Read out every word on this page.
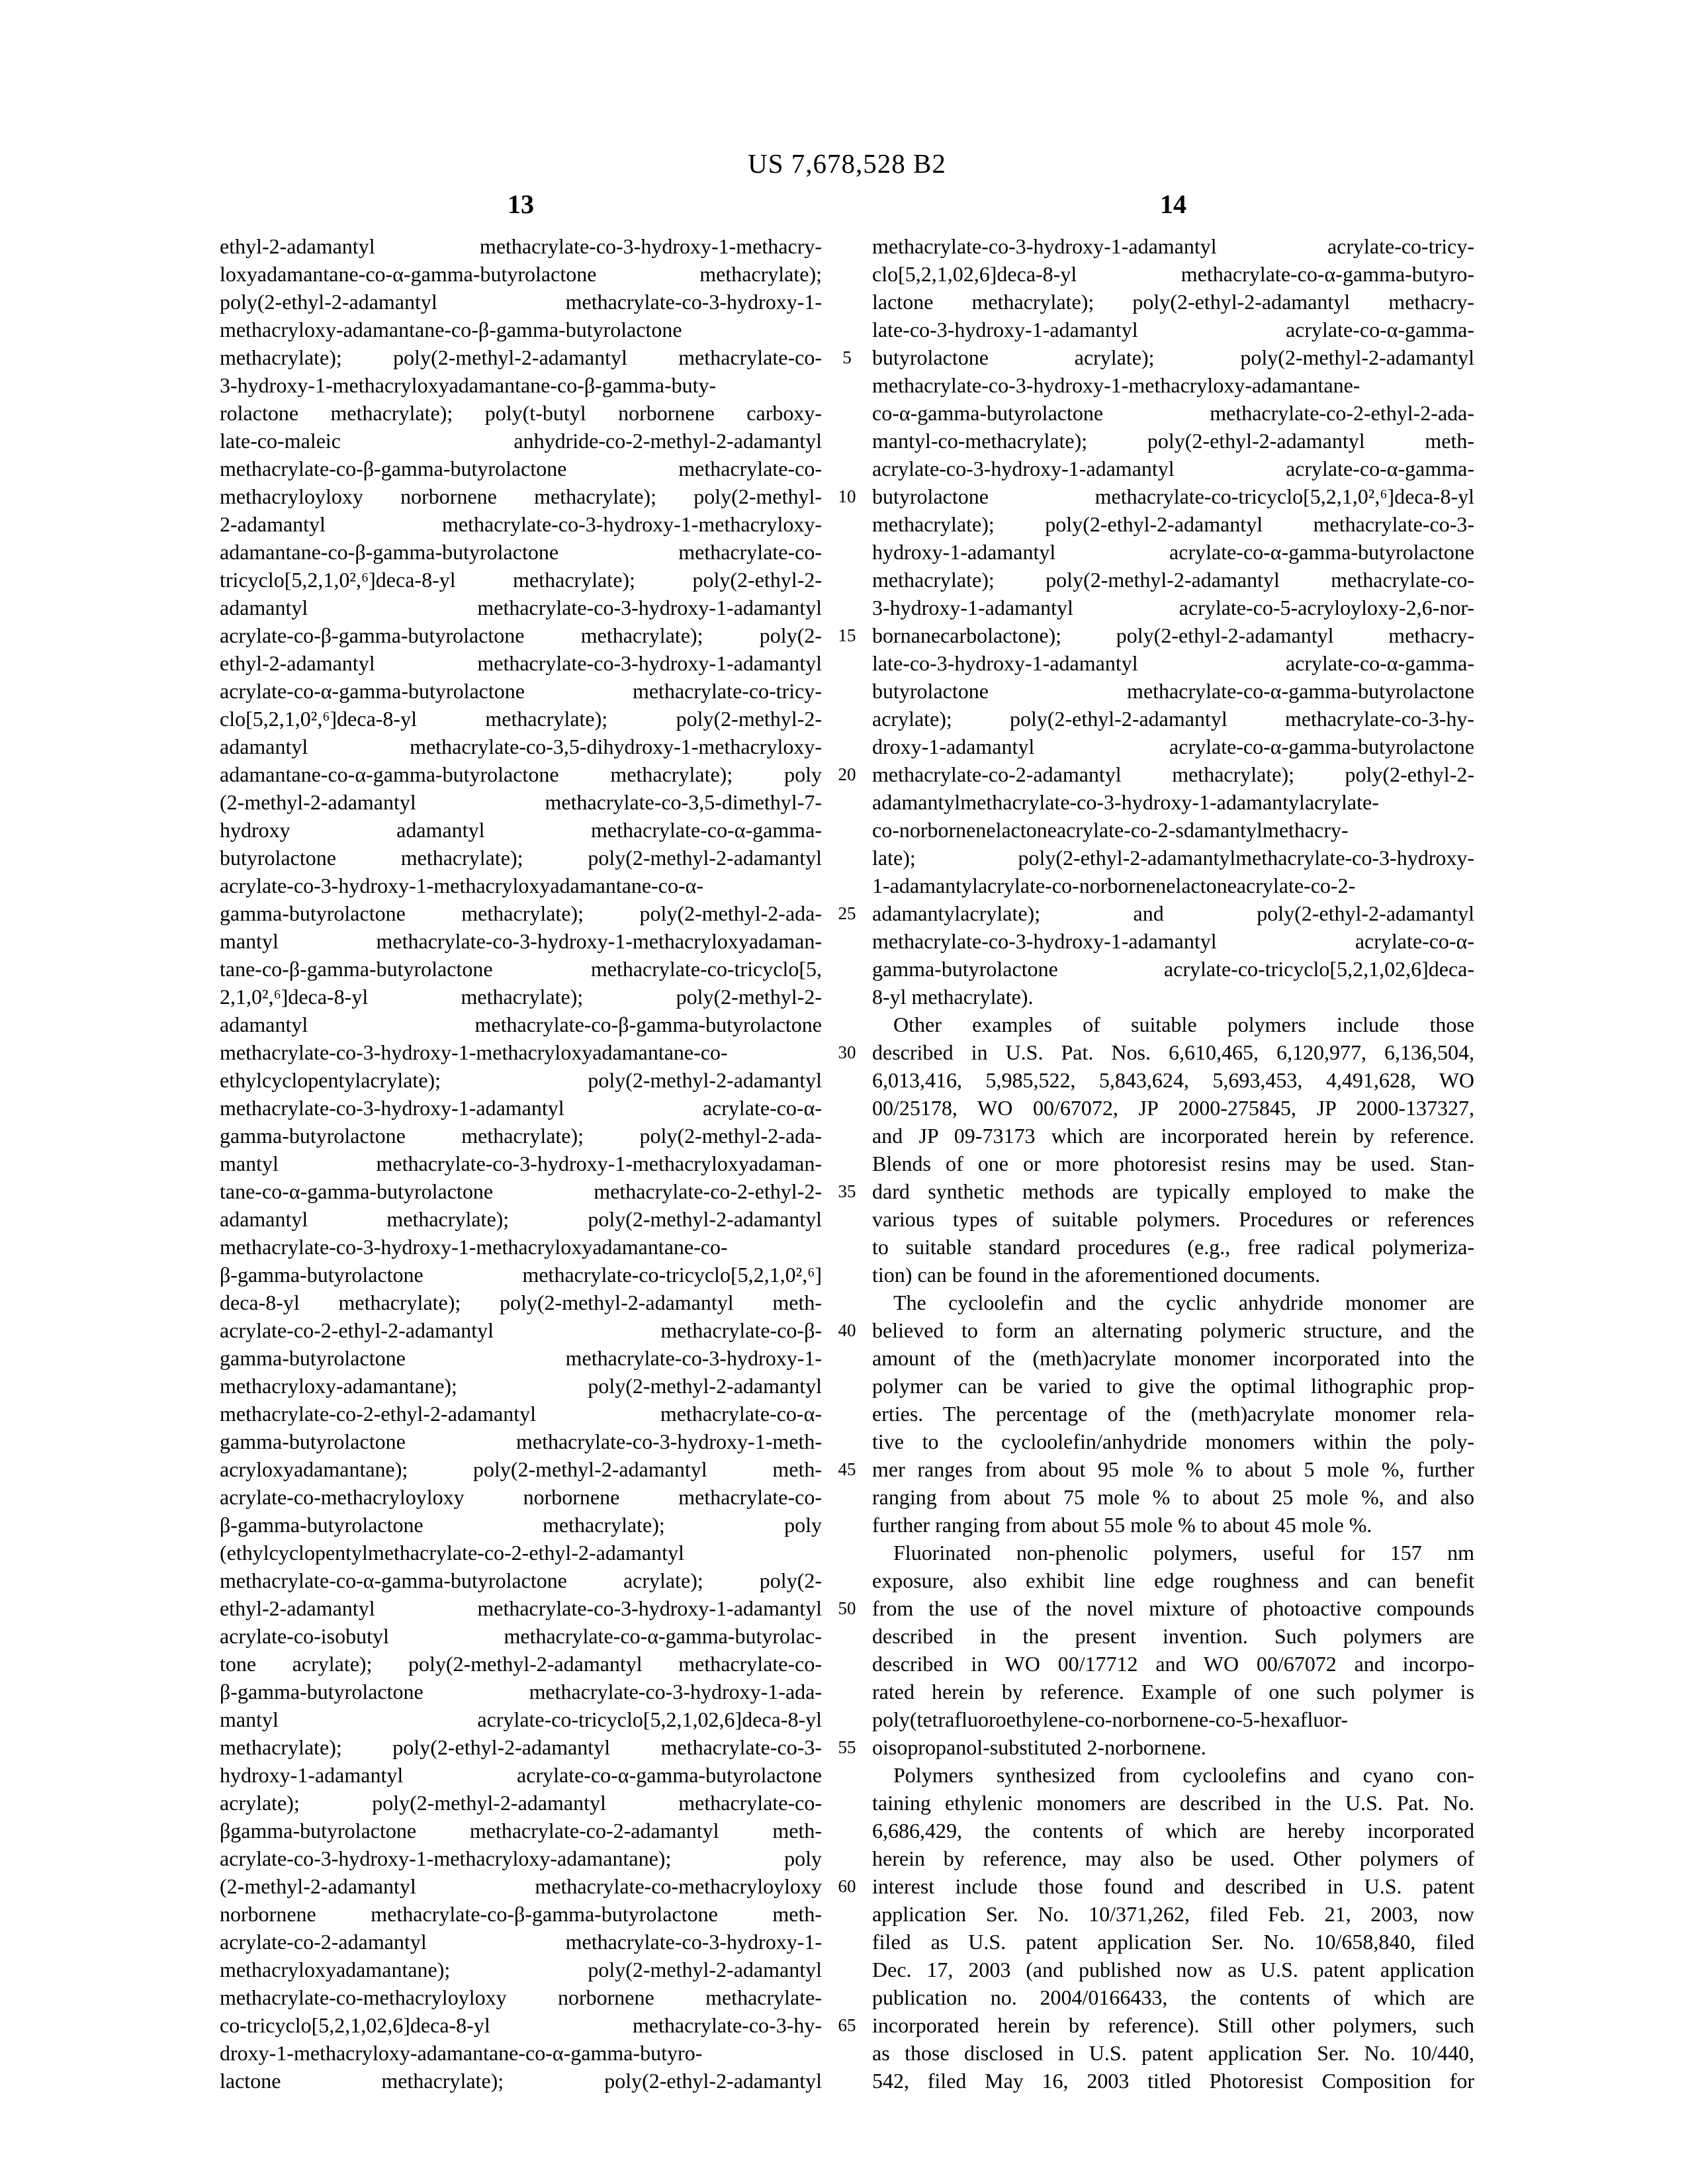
US 7,678,528 B2
13	14
ethyl-2-adamantyl methacrylate-co-3-hydroxy-1-methacry-
loxyadamantane-co-α-gamma-butyrolactone methacrylate);
poly(2-ethyl-2-adamantyl methacrylate-co-3-hydroxy-1-
methacryloxy-adamantane-co-β-gamma-butyrolactone
methacrylate); poly(2-methyl-2-adamantyl methacrylate-co-
3-hydroxy-1-methacryloxyadamantane-co-β-gamma-buty-
rolactone methacrylate); poly(t-butyl norbornene carboxy-
late-co-maleic anhydride-co-2-methyl-2-adamantyl
methacrylate-co-β-gamma-butyrolactone methacrylate-co-
methacryloyloxy norbornene methacrylate); poly(2-methyl-
2-adamantyl methacrylate-co-3-hydroxy-1-methacryloxy-
adamantane-co-β-gamma-butyrolactone methacrylate-co-
tricyclo[5,2,1,0²,⁶]deca-8-yl methacrylate); poly(2-ethyl-2-
adamantyl methacrylate-co-3-hydroxy-1-adamantyl
acrylate-co-β-gamma-butyrolactone methacrylate); poly(2-
ethyl-2-adamantyl methacrylate-co-3-hydroxy-1-adamantyl
acrylate-co-α-gamma-butyrolactone methacrylate-co-tricy-
clo[5,2,1,0²,⁶]deca-8-yl methacrylate); poly(2-methyl-2-
adamantyl methacrylate-co-3,5-dihydroxy-1-methacryloxy-
adamantane-co-α-gamma-butyrolactone methacrylate); poly
(2-methyl-2-adamantyl methacrylate-co-3,5-dimethyl-7-
hydroxy adamantyl methacrylate-co-α-gamma-
butyrolactone methacrylate); poly(2-methyl-2-adamantyl
acrylate-co-3-hydroxy-1-methacryloxyadamantane-co-α-
gamma-butyrolactone methacrylate); poly(2-methyl-2-ada-
mantyl methacrylate-co-3-hydroxy-1-methacryloxyadaman-
tane-co-β-gamma-butyrolactone methacrylate-co-tricyclo[5,
2,1,0²,⁶]deca-8-yl methacrylate); poly(2-methyl-2-
adamantyl methacrylate-co-β-gamma-butyrolactone
methacrylate-co-3-hydroxy-1-methacryloxyadamantane-co-
ethylcyclopentylacrylate); poly(2-methyl-2-adamantyl
methacrylate-co-3-hydroxy-1-adamantyl acrylate-co-α-
gamma-butyrolactone methacrylate); poly(2-methyl-2-ada-
mantyl methacrylate-co-3-hydroxy-1-methacryloxyadaman-
tane-co-α-gamma-butyrolactone methacrylate-co-2-ethyl-2-
adamantyl methacrylate); poly(2-methyl-2-adamantyl
methacrylate-co-3-hydroxy-1-methacryloxyadamantane-co-
β-gamma-butyrolactone methacrylate-co-tricyclo[5,2,1,0²,⁶]
deca-8-yl methacrylate); poly(2-methyl-2-adamantyl meth-
acrylate-co-2-ethyl-2-adamantyl methacrylate-co-β-
gamma-butyrolactone methacrylate-co-3-hydroxy-1-
methacryloxy-adamantane); poly(2-methyl-2-adamantyl
methacrylate-co-2-ethyl-2-adamantyl methacrylate-co-α-
gamma-butyrolactone methacrylate-co-3-hydroxy-1-meth-
acryloxyadamantane); poly(2-methyl-2-adamantyl meth-
acrylate-co-methacryloyloxy norbornene methacrylate-co-
β-gamma-butyrolactone methacrylate); poly
(ethylcyclopentylmethacrylate-co-2-ethyl-2-adamantyl
methacrylate-co-α-gamma-butyrolactone acrylate); poly(2-
ethyl-2-adamantyl methacrylate-co-3-hydroxy-1-adamantyl
acrylate-co-isobutyl methacrylate-co-α-gamma-butyrolac-
tone acrylate); poly(2-methyl-2-adamantyl methacrylate-co-
β-gamma-butyrolactone methacrylate-co-3-hydroxy-1-ada-
mantyl acrylate-co-tricyclo[5,2,1,02,6]deca-8-yl
methacrylate); poly(2-ethyl-2-adamantyl methacrylate-co-3-
hydroxy-1-adamantyl acrylate-co-α-gamma-butyrolactone
acrylate); poly(2-methyl-2-adamantyl methacrylate-co-
βgamma-butyrolactone methacrylate-co-2-adamantyl meth-
acrylate-co-3-hydroxy-1-methacryloxy-adamantane); poly
(2-methyl-2-adamantyl methacrylate-co-methacryloyloxy
norbornene methacrylate-co-β-gamma-butyrolactone meth-
acrylate-co-2-adamantyl methacrylate-co-3-hydroxy-1-
methacryloxyadamantane); poly(2-methyl-2-adamantyl
methacrylate-co-methacryloyloxy norbornene methacrylate-
co-tricyclo[5,2,1,02,6]deca-8-yl methacrylate-co-3-hy-
droxy-1-methacryloxy-adamantane-co-α-gamma-butyro-
lactone methacrylate); poly(2-ethyl-2-adamantyl
5
10
15
20
25
30
35
40
45
50
55
60
65
methacrylate-co-3-hydroxy-1-adamantyl acrylate-co-tricy-
clo[5,2,1,02,6]deca-8-yl methacrylate-co-α-gamma-butyro-
lactone methacrylate); poly(2-ethyl-2-adamantyl methacry-
late-co-3-hydroxy-1-adamantyl acrylate-co-α-gamma-
butyrolactone acrylate); poly(2-methyl-2-adamantyl
methacrylate-co-3-hydroxy-1-methacryloxy-adamantane-
co-α-gamma-butyrolactone methacrylate-co-2-ethyl-2-ada-
mantyl-co-methacrylate); poly(2-ethyl-2-adamantyl meth-
acrylate-co-3-hydroxy-1-adamantyl acrylate-co-α-gamma-
butyrolactone methacrylate-co-tricyclo[5,2,1,0²,⁶]deca-8-yl
methacrylate); poly(2-ethyl-2-adamantyl methacrylate-co-3-
hydroxy-1-adamantyl acrylate-co-α-gamma-butyrolactone
methacrylate); poly(2-methyl-2-adamantyl methacrylate-co-
3-hydroxy-1-adamantyl acrylate-co-5-acryloyloxy-2,6-nor-
bornanecarbolactone); poly(2-ethyl-2-adamantyl methacry-
late-co-3-hydroxy-1-adamantyl acrylate-co-α-gamma-
butyrolactone methacrylate-co-α-gamma-butyrolactone
acrylate); poly(2-ethyl-2-adamantyl methacrylate-co-3-hy-
droxy-1-adamantyl acrylate-co-α-gamma-butyrolactone
methacrylate-co-2-adamantyl methacrylate); poly(2-ethyl-2-
adamantylmethacrylate-co-3-hydroxy-1-adamantylacrylate-
co-norbornenelactoneacrylate-co-2-sdamantylmethacry-
late); poly(2-ethyl-2-adamantylmethacrylate-co-3-hydroxy-
1-adamantylacrylate-co-norbornenelactoneacrylate-co-2-
adamantylacrylate); and poly(2-ethyl-2-adamantyl
methacrylate-co-3-hydroxy-1-adamantyl acrylate-co-α-
gamma-butyrolactone acrylate-co-tricyclo[5,2,1,02,6]deca-
8-yl methacrylate).
 Other examples of suitable polymers include those
described in U.S. Pat. Nos. 6,610,465, 6,120,977, 6,136,504,
6,013,416, 5,985,522, 5,843,624, 5,693,453, 4,491,628, WO
00/25178, WO 00/67072, JP 2000-275845, JP 2000-137327,
and JP 09-73173 which are incorporated herein by reference.
Blends of one or more photoresist resins may be used. Stan-
dard synthetic methods are typically employed to make the
various types of suitable polymers. Procedures or references
to suitable standard procedures (e.g., free radical polymeriza-
tion) can be found in the aforementioned documents.
 The cycloolefin and the cyclic anhydride monomer are
believed to form an alternating polymeric structure, and the
amount of the (meth)acrylate monomer incorporated into the
polymer can be varied to give the optimal lithographic prop-
erties. The percentage of the (meth)acrylate monomer rela-
tive to the cycloolefin/anhydride monomers within the poly-
mer ranges from about 95 mole % to about 5 mole %, further
ranging from about 75 mole % to about 25 mole %, and also
further ranging from about 55 mole % to about 45 mole %.
 Fluorinated non-phenolic polymers, useful for 157 nm
exposure, also exhibit line edge roughness and can benefit
from the use of the novel mixture of photoactive compounds
described in the present invention. Such polymers are
described in WO 00/17712 and WO 00/67072 and incorpo-
rated herein by reference. Example of one such polymer is
poly(tetrafluoroethylene-co-norbornene-co-5-hexafluor-
oisopropanol-substituted 2-norbornene.
 Polymers synthesized from cycloolefins and cyano con-
taining ethylenic monomers are described in the U.S. Pat. No.
6,686,429, the contents of which are hereby incorporated
herein by reference, may also be used. Other polymers of
interest include those found and described in U.S. patent
application Ser. No. 10/371,262, filed Feb. 21, 2003, now
filed as U.S. patent application Ser. No. 10/658,840, filed
Dec. 17, 2003 (and published now as U.S. patent application
publication no. 2004/0166433, the contents of which are
incorporated herein by reference). Still other polymers, such
as those disclosed in U.S. patent application Ser. No. 10/440,
542, filed May 16, 2003 titled Photoresist Composition for
